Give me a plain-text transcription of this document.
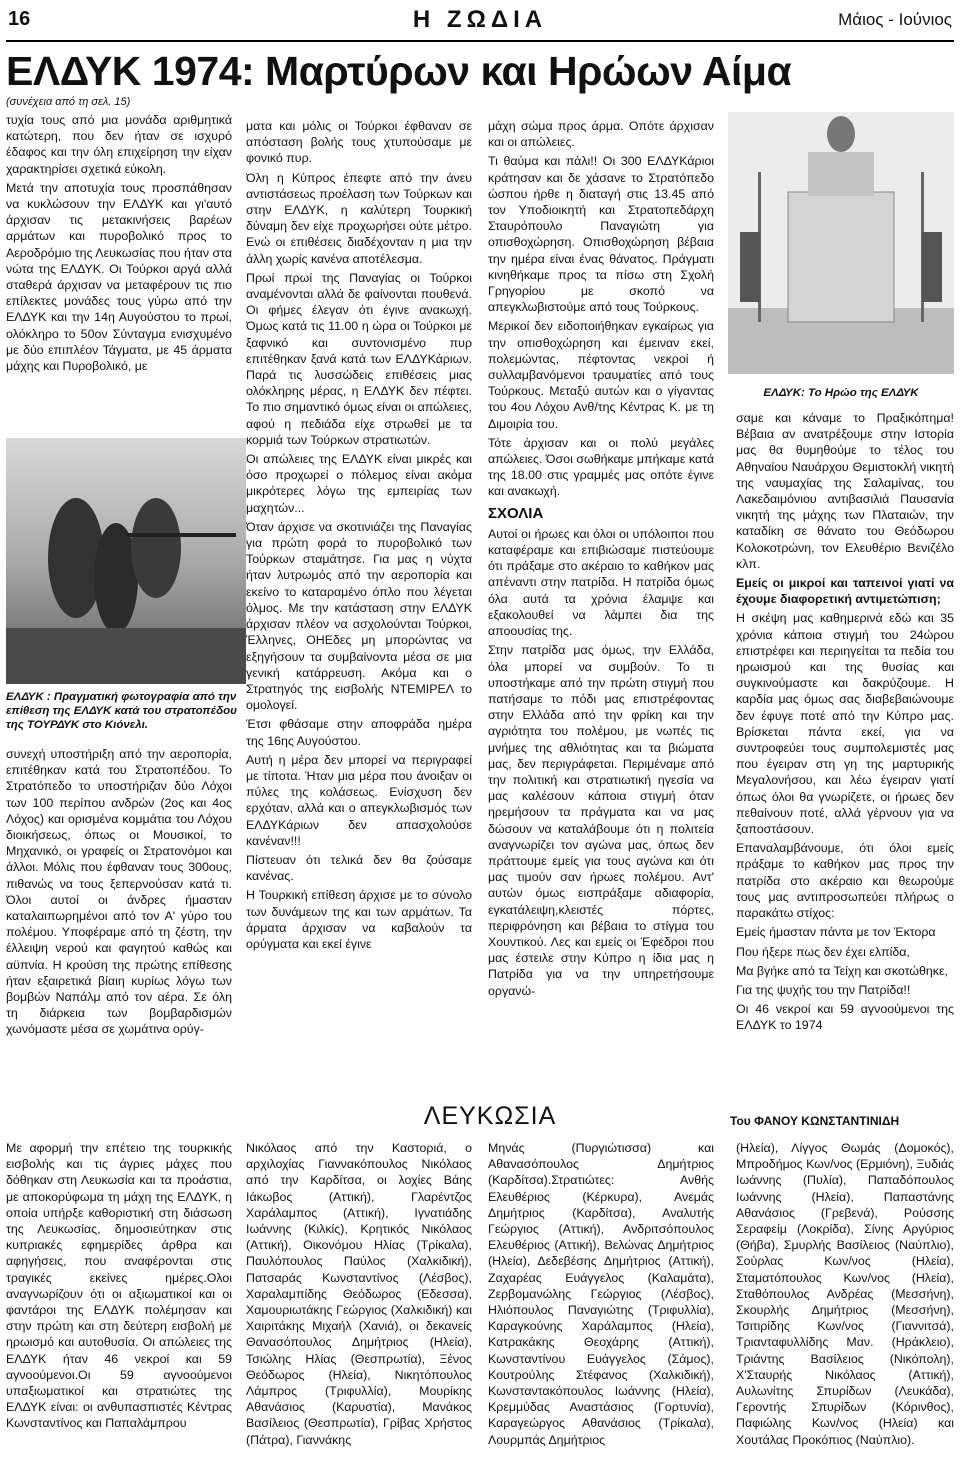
16	Η ΖΩΔΙΑ	Μάιος - Ιούνιος
ΕΛΔΥΚ 1974: Μαρτύρων και Ηρώων Αίμα
(συνέχεια από τη σελ. 15)

τυχία τους από μια μονάδα αριθμητικά κατώτερη, που δεν ήταν σε ισχυρό έδαφος και την όλη επιχείρηση την είχαν χαρακτηρίσει σχετικά εύκολη.

Μετά την αποτυχία τους προσπάθησαν να κυκλώσουν την ΕΛΔΥΚ και γι'αυτό άρχισαν τις μετακινήσεις βαρέων αρμάτων και πυροβολικό προς το Αεροδρόμιο της Λευκωσίας που ήταν στα νώτα της ΕΛΔΥΚ. Οι Τούρκοι αργά αλλά σταθερά άρχισαν να μεταφέρουν τις πιο επίλεκτες μονάδες τους γύρω από την ΕΛΔΥΚ και την 14η Αυγούστου το πρωί, ολόκληρο το 50ον Σύνταγμα ενισχυμένο με δύο επιπλέον Τάγματα, με 45 άρματα μάχης και Πυροβολικό, με

ΕΛΔΥΚ : Πραγματική φωτογραφία από την επίθεση της ΕΛΔΥΚ κατά του στρατοπέδου της ΤΟΥΡΔΥΚ στο Κιόνελι.

συνεχή υποστήριξη από την αεροπορία, επιτέθηκαν κατά του Στρατοπέδου. Το Στρατόπεδο το υποστήριζαν δύο Λόχοι των 100 περίπου ανδρών (2ος και 4ος Λόχος) και ορισμένα κομμάτια του Λόχου διοικήσεως, όπως οι Μουσικοί, το Μηχανικό, οι γραφείς οι Στρατονόμοι και άλλοι. Μόλις που έφθαναν τους 300ους, πιθανώς να τους ξεπερνούσαν κατά τι. Όλοι αυτοί οι άνδρες ήμασταν καταλαιπωρημένοι από τον Α' γύρο του πολέμου. Υποφέραμε από τη ζέστη, την έλλειψη νερού και φαγητού καθώς και αϋπνία. Η κρούση της πρώτης επίθεσης ήταν εξαιρετικά βίαιη κυρίως λόγω των βομβών Ναπάλμ από τον αέρα. Σε όλη τη διάρκεια των βομβαρδισμών χωνόμαστε μέσα σε χωμάτινα ορύγ-

ματα και μόλις οι Τούρκοι έφθαναν σε απόσταση βολής τους χτυπούσαμε με φονικό πυρ.

Όλη η Κύπρος έπεφτε από την άνευ αντιστάσεως προέλαση των Τούρκων και στην ΕΛΔΥΚ, η καλύτερη Τουρκική δύναμη δεν είχε προχωρήσει ούτε μέτρο. Ενώ οι επιθέσεις διαδέχονταν η μια την άλλη χωρίς κανένα αποτέλεσμα.

Πρωί πρωί της Παναγίας οι Τούρκοι αναμένονται αλλά δε φαίνονται πουθενά. Οι φήμες έλεγαν ότι έγινε ανακωχή. Όμως κατά τις 11.00 η ώρα οι Τούρκοι με ξαφνικό και συντονισμένο πυρ επιτέθηκαν ξανά κατά των ΕΛΔΥΚάριων. Παρά τις λυσσώδεις επιθέσεις μιας ολόκληρης μέρας, η ΕΛΔΥΚ δεν πέφτει. Το πιο σημαντικό όμως είναι οι απώλειες, αφού η πεδιάδα είχε στρωθεί με τα κορμιά των Τούρκων στρατιωτών.

Οι απώλειες της ΕΛΔΥΚ είναι μικρές και όσο προχωρεί ο πόλεμος είναι ακόμα μικρότερες λόγω της εμπειρίας των μαχητών...

Όταν άρχισε να σκοτινιάζει της Παναγίας για πρώτη φορά το πυροβολικό των Τούρκων σταμάτησε. Για μας η νύχτα ήταν λυτρωμός από την αεροπορία και εκείνο το καταραμένο όπλο που λέγεται όλμος. Με την κατάσταση στην ΕΛΔΥΚ άρχισαν πλέον να ασχολούνται Τούρκοι, Έλληνες, ΟΗΕδες μη μπορώντας να εξηγήσουν τα συμβαίνοντα μέσα σε μια γενική κατάρρευση. Ακόμα και ο Στρατηγός της εισβολής ΝΤΕΜΙΡΕΛ το ομολογεί.

Έτσι φθάσαμε στην αποφράδα ημέρα της 16ης Αυγούστου.

Αυτή η μέρα δεν μπορεί να περιγραφεί με τίποτα. Ήταν μια μέρα που άνοιξαν οι πύλες της κολάσεως. Ενίσχυση δεν ερχόταν, αλλά και ο απεγκλωβισμός των ΕΛΔΥΚάριων δεν απασχολούσε κανέναν!!!

Πίστευαν ότι τελικά δεν θα ζούσαμε κανένας.

Η Τουρκική επίθεση άρχισε με το σύνολο των δυνάμεων της και των αρμάτων. Τα άρματα άρχισαν να καβαλούν τα ορύγματα και εκεί έγινε

μάχη σώμα προς άρμα. Οπότε άρχισαν και οι απώλειες.

Τι θαύμα και πάλι!! Οι 300 ΕΛΔΥΚάριοι κράτησαν και δε χάσανε το Στρατόπεδο ώσπου ήρθε η διαταγή στις 13.45 από τον Υποδιοικητή και Στρατοπεδάρχη Σταυρόπουλο Παναγιώτη για οπισθοχώρηση. Οπισθοχώρηση βέβαια την ημέρα είναι ένας θάνατος. Πράγματι κινηθήκαμε προς τα πίσω στη Σχολή Γρηγορίου με σκοπό να απεγκλωβιστούμε από τους Τούρκους.

Μερικοί δεν ειδοποιήθηκαν εγκαίρως για την οπισθοχώρηση και έμειναν εκεί, πολεμώντας, πέφτοντας νεκροί ή συλλαμβανόμενοι τραυματίες από τους Τούρκους. Μεταξύ αυτών και ο γίγαντας του 4ου Λόχου Ανθ/της Κέντρας Κ. με τη Διμοιρία του.

Τότε άρχισαν και οι πολύ μεγάλες απώλειες. Όσοι σωθήκαμε μπήκαμε κατά της 18.00 στις γραμμές μας οπότε έγινε και ανακωχή.

ΣΧΟΛΙΑ

Αυτοί οι ήρωες και όλοι οι υπόλοιποι που καταφέραμε και επιβιώσαμε πιστεύουμε ότι πράξαμε στο ακέραιο το καθήκον μας απέναντι στην πατρίδα. Η πατρίδα όμως όλα αυτά τα χρόνια έλαμψε και εξακολουθεί να λάμπει δια της αποουσίας της.

Στην πατρίδα μας όμως, την Ελλάδα, όλα μπορεί να συμβούν. Το τι υποστήκαμε από την πρώτη στιγμή που πατήσαμε το πόδι μας επιστρέφοντας στην Ελλάδα από την φρίκη και την αγριότητα του πολέμου, με νωπές τις μνήμες της αθλιότητας και τα βιώματα μας, δεν περιγράφεται. Περιμέναμε από την πολιτική και στρατιωτική ηγεσία να μας καλέσουν κάποια στιγμή όταν ηρεμήσουν τα πράγματα και να μας δώσουν να καταλάβουμε ότι η πολιτεία αναγνωρίζει τον αγώνα μας, όπως δεν πράττουμε εμείς για τους αγώνα και ότι μας τιμούν σαν ήρωες πολέμου. Αντ' αυτών όμως εισπράξαμε αδιαφορία, εγκατάλειψη,κλειστές πόρτες, περιφρόνηση και βέβαια το στίγμα του Χουντικού. Λες και εμείς οι Έφεδροι που μας έστειλε στην Κύπρο η ίδια μας η Πατρίδα για να την υπηρετήσουμε οργανώ-

ΕΛΔΥΚ: Το Ηρώο της ΕΛΔΥΚ

σαμε και κάναμε το Πραξικόπημα! Βέβαια αν ανατρέξουμε στην Ιστορία μας θα θυμηθούμε το τέλος του Αθηναίου Ναυάρχου Θεμιστοκλή νικητή της ναυμαχίας της Σαλαμίνας, του Λακεδαιμόνιου αντιβασιλιά Παυσανία νικητή της μάχης των Πλαταιών, την καταδίκη σε θάνατο του Θεόδωρου Κολοκοτρώνη, τον Ελευθέριο Βενιζέλο κλπ.

Εμείς οι μικροί και ταπεινοί γιατί να έχουμε διαφορετική αντιμετώπιση;

Η σκέψη μας καθημερινά εδώ και 35 χρόνια κάποια στιγμή του 24ώρου επιστρέφει και περιηγείται τα πεδία του ηρωισμού και της θυσίας και συγκινούμαστε και δακρύζουμε. Η καρδία μας όμως σας διαβεβαιώνουμε δεν έφυγε ποτέ από την Κύπρο μας. Βρίσκεται πάντα εκεί, για να συντροφεύει τους συμπολεμιστές μας που έγειραν στη γη της μαρτυρικής Μεγαλονήσου, και λέω έγειραν γιατί όπως όλοι θα γνωρίζετε, οι ήρωες δεν πεθαίνουν ποτέ, αλλά γέρνουν για να ξαποστάσουν.

Επαναλαμβάνουμε, ότι όλοι εμείς πράξαμε το καθήκον μας προς την πατρίδα στο ακέραιο και θεωρούμε τους μας αντιπροσωπεύει πλήρως ο παρακάτω στίχος:

Εμείς ήμασταν πάντα με τον Έκτορα

Που ήξερε πως δεν έχει ελπίδα,

Μα βγήκε από τα Τείχη και σκοτώθηκε,

Για της ψυχής του την Πατρίδα!!

Οι 46 νεκροί και 59 αγνοούμενοι της ΕΛΔΥΚ το 1974

ΛΕΥΚΩΣΙΑ	Του ΦΑΝΟΥ ΚΩΝΣΤΑΝΤΙΝΙΔΗ

Με αφορμή την επέτειο της τουρκικής εισβολής και τις άγριες μάχες που δόθηκαν στη Λευκωσία και τα προάστια, με αποκορύφωμα τη μάχη της ΕΛΔΥΚ, η οποία υπήρξε καθοριστική στη διάσωση της Λευκωσίας, δημοσιεύτηκαν στις κυπριακές εφημερίδες άρθρα και αφηγήσεις, που αναφέρονται στις τραγικές εκείνες ημέρες.Ολοι αναγνωρίζουν ότι οι αξιωματικοί και οι φαντάροι της ΕΛΔΥΚ πολέμησαν και στην πρώτη και στη δεύτερη εισβολή με ηρωισμό και αυτοθυσία. Οι απώλειες της ΕΛΔΥΚ ήταν 46 νεκροί και 59 αγνοούμενοι.Οι 59 αγνοούμενοι υπαξιωματικοί και στρατιώτες της ΕΛΔΥΚ είναι: οι ανθυπασπιστές Κέντρας Κωνσταντίνος και Παπαλάμπρου

Νικόλαος από την Καστοριά, ο αρχιλοχίας Γιαννακόπουλος Νικόλαος από την Καρδίτσα, οι λοχίες Βάης Ιάκωβος (Αττική), Γλαρέντζος Χαράλαμπος (Αττική), Ιγνατιάδης Ιωάννης (Κιλκίς), Κρητικός Νικόλαος (Αττική), Οικονόμου Ηλίας (Τρίκαλα), Παυλόπουλος Παύλος (Χαλκιδική), Πατσαράς Κωνσταντίνος (Λέσβος), Χαραλαμπίδης Θεόδωρος (Εδεσσα), Χαμουριωτάκης Γεώργιος (Χαλκιδική) και Χαιριτάκης Μιχαήλ (Χανιά), οι δεκανείς Θανασόπουλος Δημήτριος (Ηλεία), Τσιώλης Ηλίας (Θεσπρωτία), Ξένος Θεόδωρος (Ηλεία), Νικητόπουλος Λάμπρος (Τριφυλλία), Μουρίκης Αθανάσιος (Καρυστία), Μανάκος Βασίλειος (Θεσπρωτία), Γρίβας Χρήστος (Πάτρα), Γιαννάκης

Μηνάς (Πυργιώτισσα) και Αθανασόπουλος Δημήτριος (Καρδίτσα).Στρατιώτες: Ανθής Ελευθέριος (Κέρκυρα), Ανεμάς Δημήτριος (Καρδίτσα), Αναλυτής Γεώργιος (Αττική), Ανδριτσόπουλος Ελευθέριος (Αττική), Βελώνας Δημήτριος (Ηλεία), Δεδεβέσης Δημήτριος (Αττική), Ζαχαρέας Ευάγγελος (Καλαμάτα), Ζερβομανώλης Γεώργιος (Λέσβος), Ηλιόπουλος Παναγιώτης (Τριφυλλία), Καραγκούνης Χαράλαμπος (Ηλεία), Κατρακάκης Θεοχάρης (Αττική), Κωνσταντίνου Ευάγγελος (Σάμος), Κουτρούλης Στέφανος (Χαλκιδική), Κωνσταντακόπουλος Ιωάννης (Ηλεία), Κρεμμύδας Αναστάσιος (Γορτυνία), Καραγεώργος Αθανάσιος (Τρίκαλα), Λουρμπάς Δημήτριος

(Ηλεία), Λίγγος Θωμάς (Δομοκός), Μπροδήμος Κων/νος (Ερμιόνη), Ξυδιάς Ιωάννης (Πυλία), Παπαδόπουλος Ιωάννης (Ηλεία), Παπαστάνης Αθανάσιος (Γρεβενά), Ρούσσης Σεραφείμ (Λοκρίδα), Σίνης Αργύριος (Θήβα), Σμυρλής Βασίλειος (Ναύπλιο), Σούρλας Κων/νος (Ηλεία), Σταματόπουλος Κων/νος (Ηλεία), Σταθόπουλος Ανδρέας (Μεσσήνη), Σκουρλής Δημήτριος (Μεσσήνη), Τσιτιρίδης Κων/νος (Γιαννιτσά), Τριανταφυλλίδης Μαν. (Ηράκλειο), Τριάντης Βασίλειος (Νικόπολη), Χ'Σταυρής Νικόλαος (Αττική), Αυλωνίτης Σπυρίδων (Λευκάδα), Γεροντής Σπυρίδων (Κόρινθος), Παφιώλης Κων/νος (Ηλεία) και Χουτάλας Προκόπιος (Ναύπλιο).
